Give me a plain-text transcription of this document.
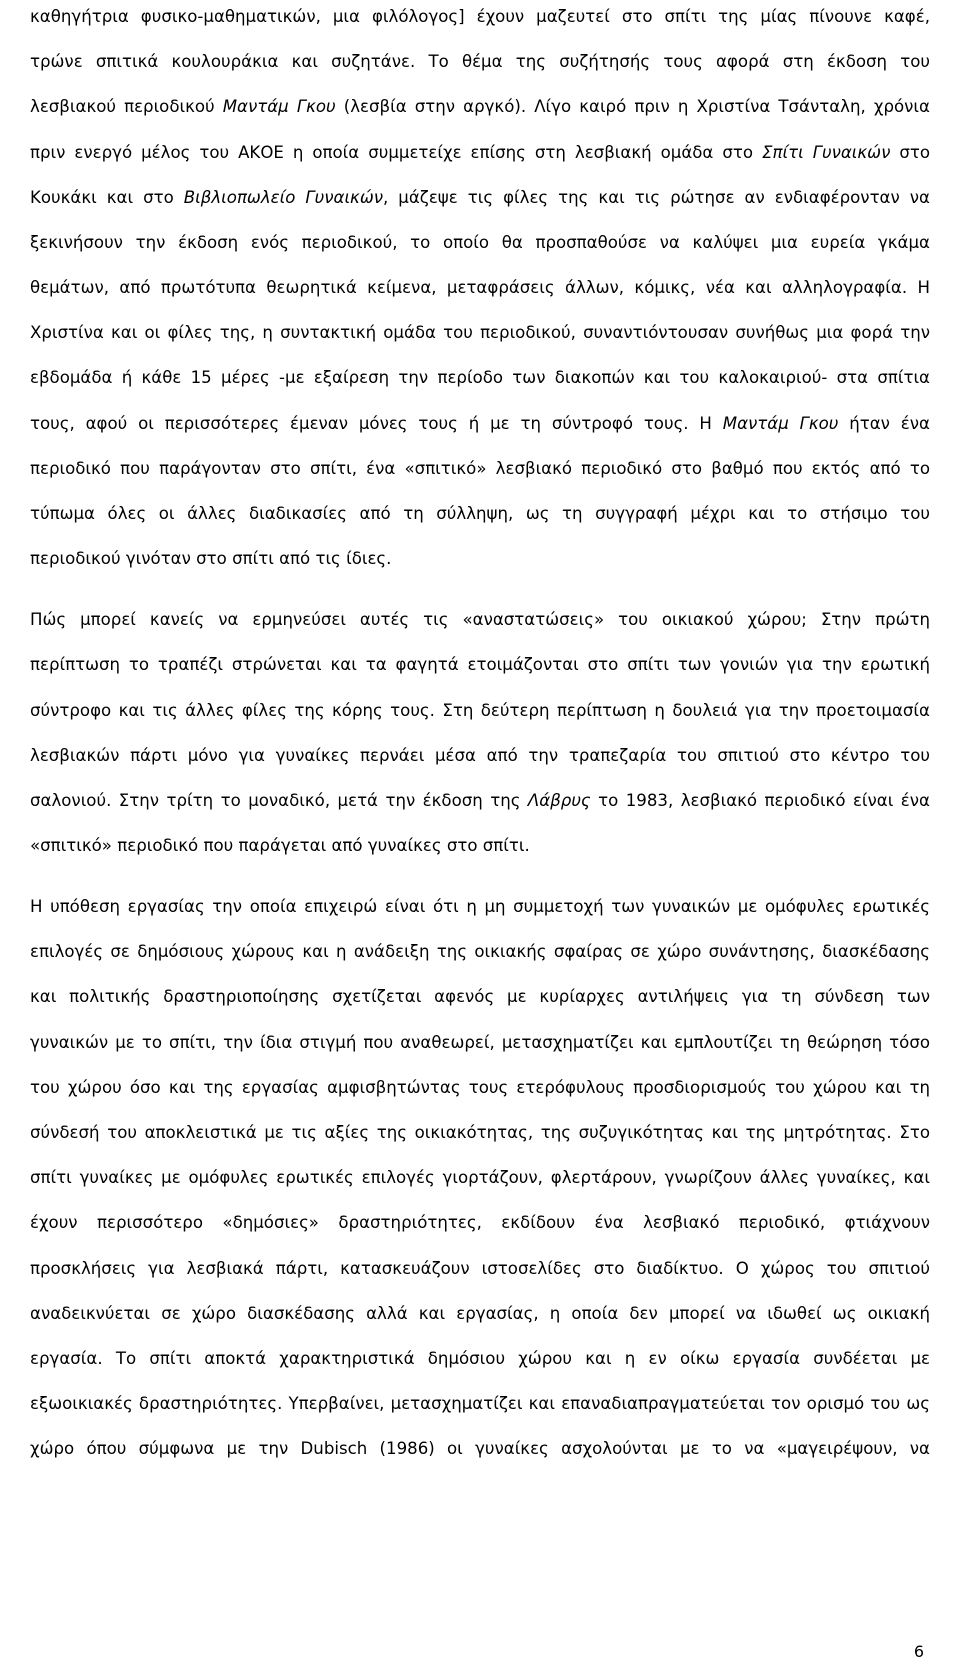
καθηγήτρια φυσικο-μαθηματικών, μια φιλόλογος] έχουν μαζευτεί στο σπίτι της μίας πίνουνε καφέ,
τρώνε σπιτικά κουλουράκια και συζητάνε. Το θέμα της συζήτησής τους αφορά στη έκδοση του
λεσβιακού περιοδικού Μαντάμ Γκου (λεσβία στην αργκό). Λίγο καιρό πριν η Χριστίνα Τσάνταλη, χρόνια
πριν ενεργό μέλος του ΑΚΟΕ η οποία συμμετείχε επίσης στη λεσβιακή ομάδα στο Σπίτι Γυναικών στο
Κουκάκι και στο Βιβλιοπωλείο Γυναικών, μάζεψε τις φίλες της και τις ρώτησε αν ενδιαφέρονταν να
ξεκινήσουν την έκδοση ενός περιοδικού, το οποίο θα προσπαθούσε να καλύψει μια ευρεία γκάμα
θεμάτων, από πρωτότυπα θεωρητικά κείμενα, μεταφράσεις άλλων, κόμικς, νέα και αλληλογραφία. Η
Χριστίνα και οι φίλες της, η συντακτική ομάδα του περιοδικού, συναντιόντουσαν συνήθως μια φορά την
εβδομάδα ή κάθε 15 μέρες -με εξαίρεση την περίοδο των διακοπών και του καλοκαιριού- στα σπίτια
τους, αφού οι περισσότερες έμεναν μόνες τους ή με τη σύντροφό τους. Η Μαντάμ Γκου ήταν ένα
περιοδικό που παράγονταν στο σπίτι, ένα «σπιτικό» λεσβιακό περιοδικό στο βαθμό που εκτός από το
τύπωμα όλες οι άλλες διαδικασίες από τη σύλληψη, ως τη συγγραφή μέχρι και το στήσιμο του
περιοδικού γινόταν στο σπίτι από τις ίδιες.
Πώς μπορεί κανείς να ερμηνεύσει αυτές τις «αναστατώσεις» του οικιακού χώρου; Στην πρώτη
περίπτωση το τραπέζι στρώνεται και τα φαγητά ετοιμάζονται στο σπίτι των γονιών για την ερωτική
σύντροφο και τις άλλες φίλες της κόρης τους. Στη δεύτερη περίπτωση η δουλειά για την προετοιμασία
λεσβιακών πάρτι μόνο για γυναίκες περνάει μέσα από την τραπεζαρία του σπιτιού στο κέντρο του
σαλονιού. Στην τρίτη το μοναδικό, μετά την έκδοση της Λάβρυς το 1983, λεσβιακό περιοδικό είναι ένα
«σπιτικό» περιοδικό που παράγεται από γυναίκες στο σπίτι.
Η υπόθεση εργασίας την οποία επιχειρώ είναι ότι η μη συμμετοχή των γυναικών με ομόφυλες ερωτικές
επιλογές σε δημόσιους χώρους και η ανάδειξη της οικιακής σφαίρας σε χώρο συνάντησης, διασκέδασης
και πολιτικής δραστηριοποίησης σχετίζεται αφενός με κυρίαρχες αντιλήψεις για τη σύνδεση των
γυναικών με το σπίτι, την ίδια στιγμή που αναθεωρεί, μετασχηματίζει και εμπλουτίζει τη θεώρηση τόσο
του χώρου όσο και της εργασίας αμφισβητώντας τους ετερόφυλους προσδιορισμούς του χώρου και τη
σύνδεσή του αποκλειστικά με τις αξίες της οικιακότητας, της συζυγικότητας και της μητρότητας. Στο
σπίτι γυναίκες με ομόφυλες ερωτικές επιλογές γιορτάζουν, φλερτάρουν, γνωρίζουν άλλες γυναίκες, και
έχουν περισσότερο «δημόσιες» δραστηριότητες, εκδίδουν ένα λεσβιακό περιοδικό, φτιάχνουν
προσκλήσεις για λεσβιακά πάρτι, κατασκευάζουν ιστοσελίδες στο διαδίκτυο. Ο χώρος του σπιτιού
αναδεικνύεται σε χώρο διασκέδασης αλλά και εργασίας, η οποία δεν μπορεί να ιδωθεί ως οικιακή
εργασία. Το σπίτι αποκτά χαρακτηριστικά δημόσιου χώρου και η εν οίκω εργασία συνδέεται με
εξωοικιακές δραστηριότητες. Υπερβαίνει, μετασχηματίζει και επαναδιαπραγματεύεται τον ορισμό του ως
χώρο όπου σύμφωνα με την Dubisch (1986) οι γυναίκες ασχολούνται με το να «μαγειρέψουν, να
6
